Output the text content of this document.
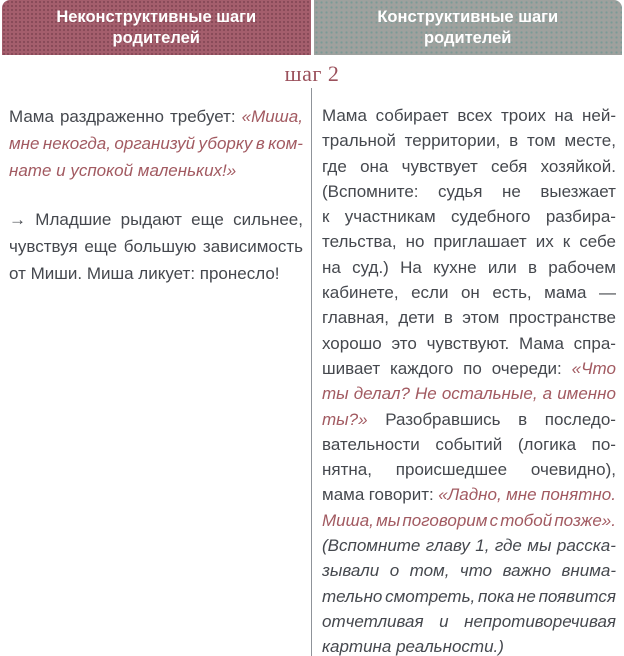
Неконструктивные шаги
родителей
Конструктивные шаги
родителей
шаг 2
Мама раздраженно требует: «Миша,
мне некогда, организуй уборку в ком-
нате и успокой маленьких!»
→ Младшие рыдают еще сильнее,
чувствуя еще большую зависимость
от Миши. Миша ликует: пронесло!
Мама собирает всех троих на ней-
тральной территории, в том месте,
где она чувствует себя хозяйкой.
(Вспомните: судья не выезжает
к участникам судебного разбира-
тельства, но приглашает их к себе
на суд.) На кухне или в рабочем
кабинете, если он есть, мама —
главная, дети в этом пространстве
хорошо это чувствуют. Мама спра-
шивает каждого по очереди: «Что
ты делал? Не остальные, а именно
ты?» Разобравшись в последо-
вательности событий (логика по-
нятна, происшедшее очевидно),
мама говорит: «Ладно, мне понятно.
Миша, мы поговорим с тобой позже».
(Вспомните главу 1, где мы расска-
зывали о том, что важно внима-
тельно смотреть, пока не появится
отчетливая и непротиворечивая
картина реальности.)
